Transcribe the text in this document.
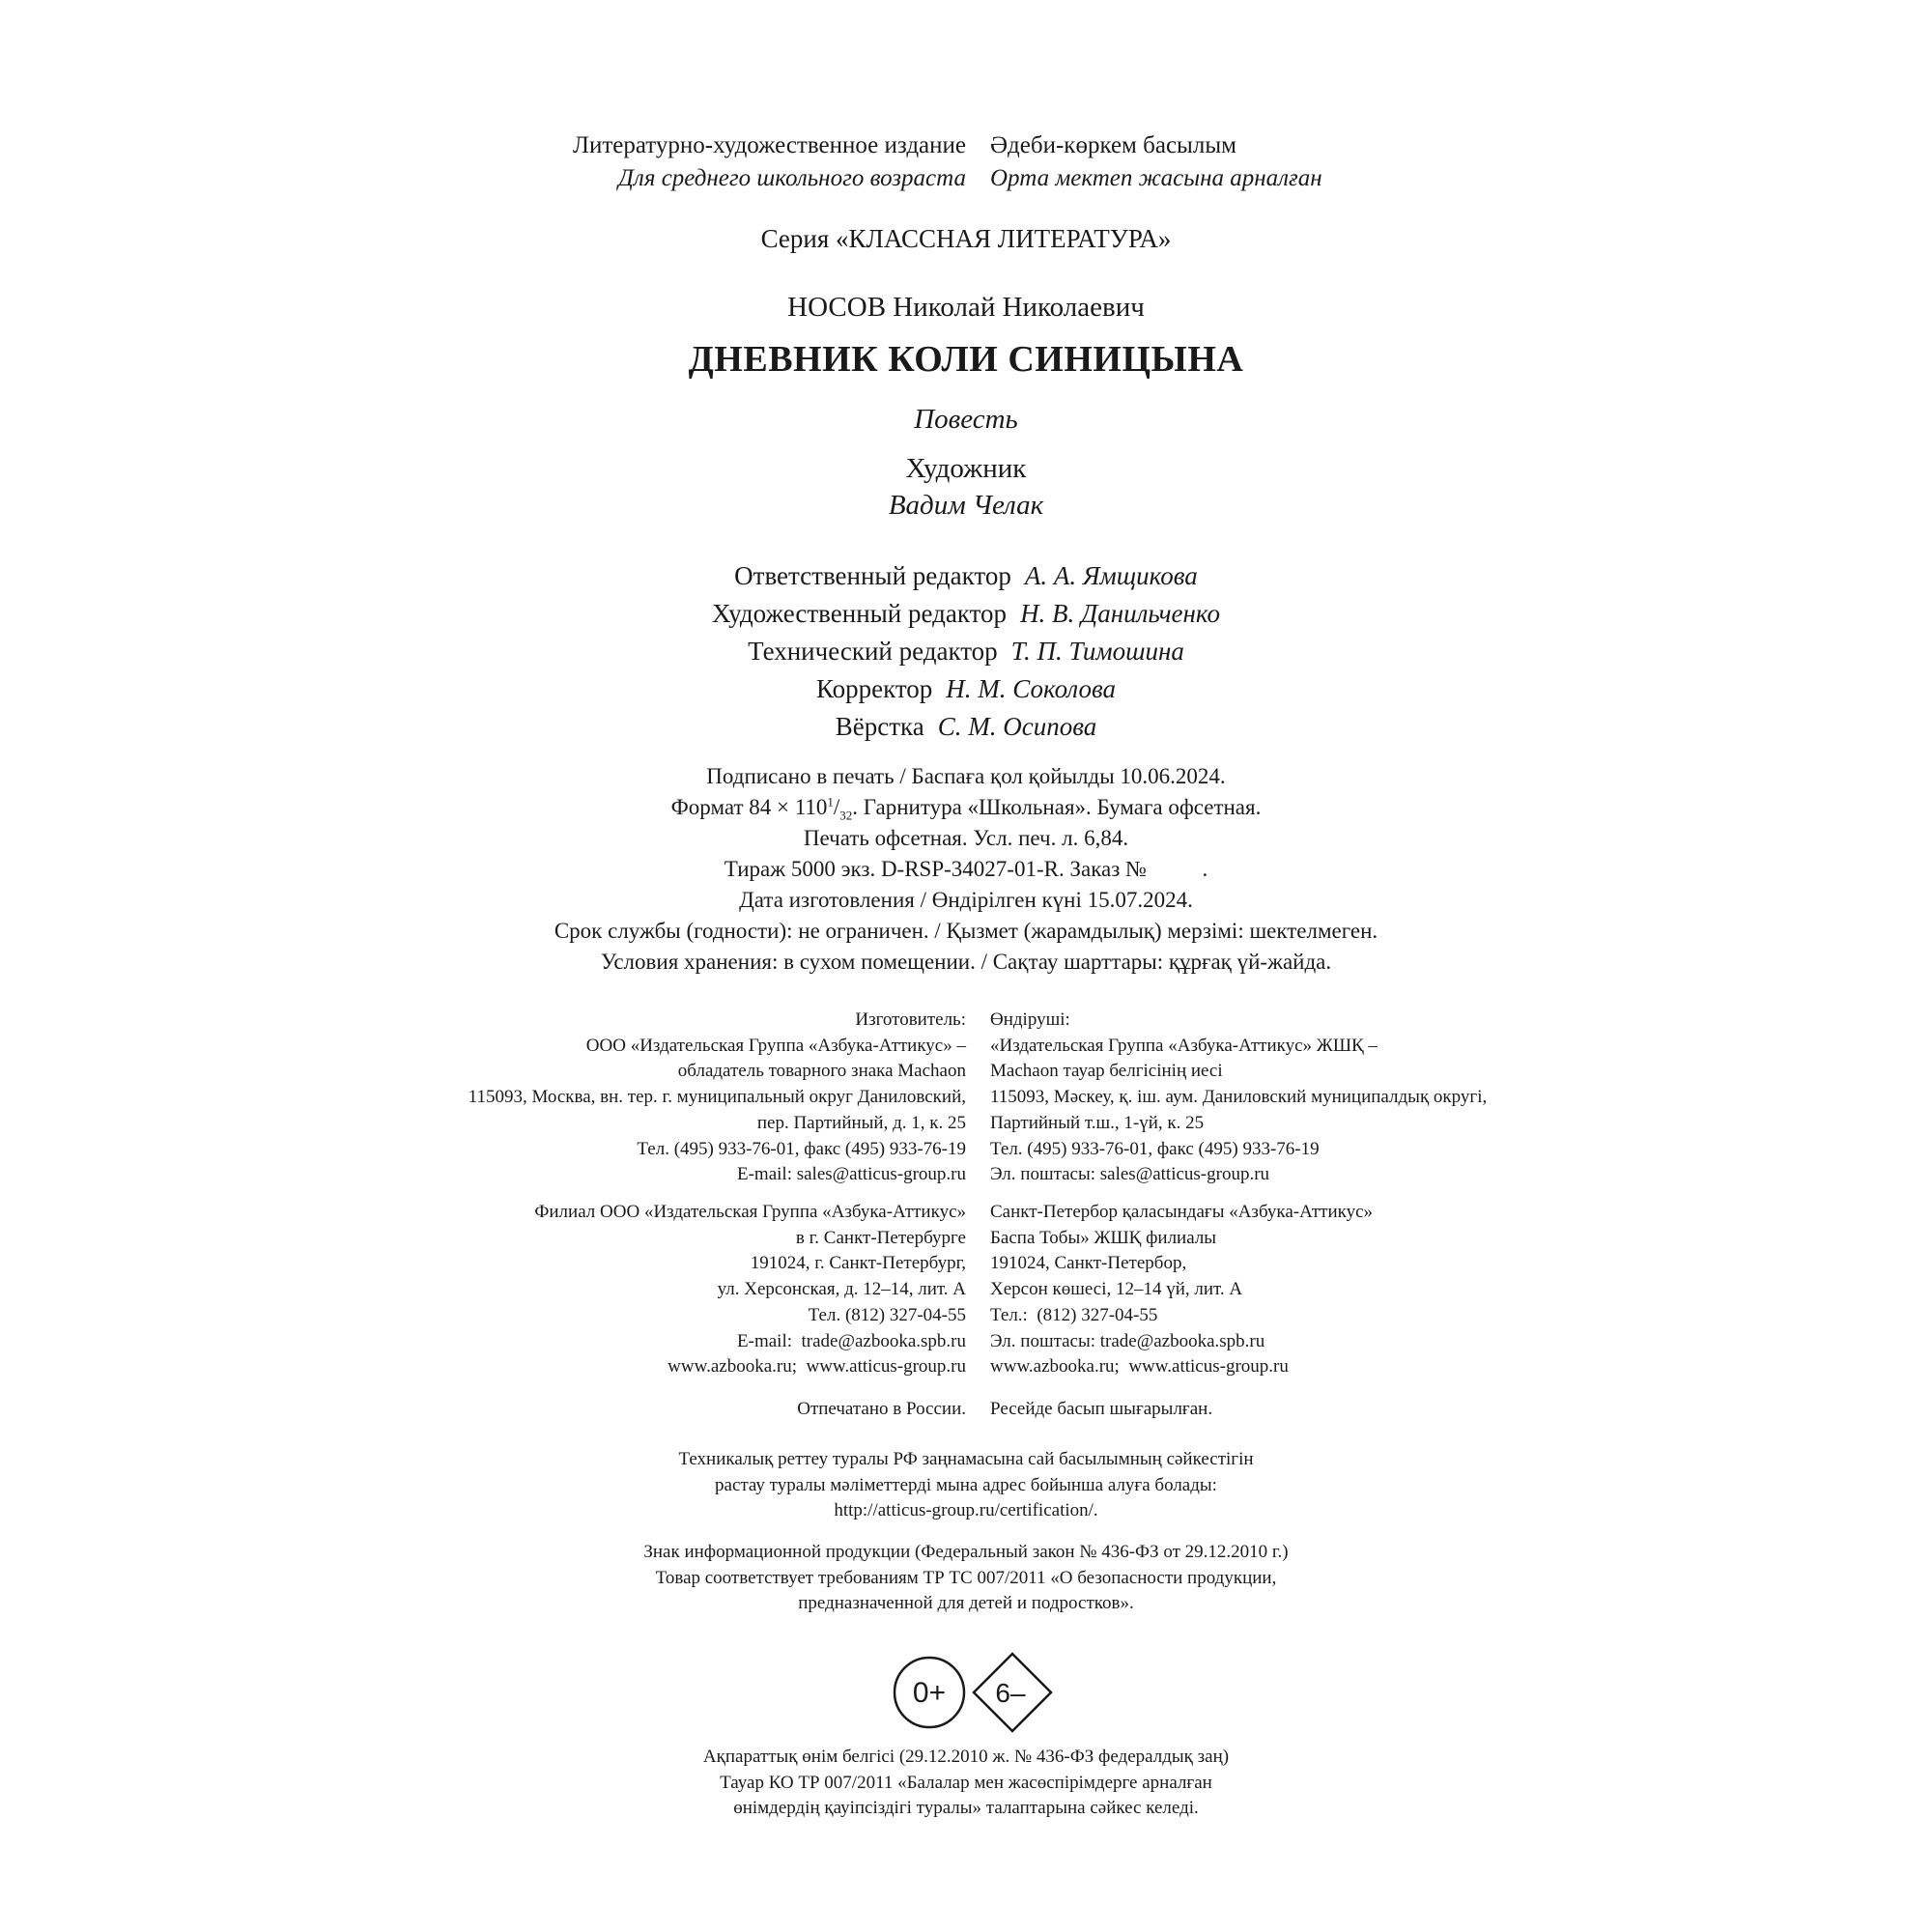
Литературно-художественное издание
Для среднего школьного возраста
Әдеби-көркем басылым
Орта мектеп жасына арналған
Серия «КЛАССНАЯ ЛИТЕРАТУРА»
НОСОВ Николай Николаевич
ДНЕВНИК КОЛИ СИНИЦЫНА
Повесть
Художник
Вадим Челак
Ответственный редактор А. А. Ямщикова
Художественный редактор Н. В. Данильченко
Технический редактор Т. П. Тимошина
Корректор Н. М. Соколова
Вёрстка С. М. Осипова
Подписано в печать / Баспаға қол қойылды 10.06.2024.
Формат $84 \times 110^1/_{32}$. Гарнитура «Школьная». Бумага офсетная.
Печать офсетная. Усл. печ. л. 6,84.
Тираж 5000 экз. D-RSP-34027-01-R. Заказ №          .
Дата изготовления / Өндірілген күні 15.07.2024.
Срок службы (годности): не ограничен. / Қызмет (жарамдылық) мерзімі: шектелмеген.
Условия хранения: в сухом помещении. / Сақтау шарттары: құрғақ үй-жайда.
Изготовитель:
ООО «Издательская Группа «Азбука-Аттикус» –
обладатель товарного знака Machaon
115093, Москва, вн. тер. г. муниципальный округ Даниловский,
пер. Партийный, д. 1, к. 25
Тел. (495) 933-76-01, факс (495) 933-76-19
E-mail: sales@atticus-group.ru
Өндіруші:
«Издательская Группа «Азбука-Аттикус» ЖШҚ –
Machaon тауар белгісінің иесі
115093, Мәскеу, қ. іш. аум. Даниловский муниципалдық округі,
Партийный т.ш., 1-үй, к. 25
Тел. (495) 933-76-01, факс (495) 933-76-19
Эл. поштасы: sales@atticus-group.ru
Филиал ООО «Издательская Группа «Азбука-Аттикус»
в г. Санкт-Петербурге
191024, г. Санкт-Петербург,
ул. Херсонская, д. 12–14, лит. А
Тел. (812) 327-04-55
E-mail:  trade@azbooka.spb.ru
www.azbooka.ru;  www.atticus-group.ru
Санкт-Петербор қаласындағы «Азбука-Аттикус»
Баспа Тобы» ЖШҚ филиалы
191024, Санкт-Петербор,
Херсон көшесі, 12–14 үй, лит. А
Тел.:  (812) 327-04-55
Эл. поштасы: trade@azbooka.spb.ru
www.azbooka.ru;  www.atticus-group.ru
Отпечатано в России. Ресейде басып шығарылған.
Техникалық реттеу туралы РФ заңнамасына сай басылымның сәйкестігін
растау туралы мәліметтерді мына адрес бойынша алуға болады:
http://atticus-group.ru/certification/.
Знак информационной продукции (Федеральный закон № 436-ФЗ от 29.12.2010 г.)
Товар соответствует требованиям ТР ТС 007/2011 «О безопасности продукции,
предназначенной для детей и подростков».
0+ 6–
Ақпараттық өнім белгісі (29.12.2010 ж. № 436-ФЗ федералдық заң)
Тауар КО ТР 007/2011 «Балалар мен жасөспірімдерге арналған
өнімдердің қауіпсіздігі туралы» талаптарына сәйкес келеді.
